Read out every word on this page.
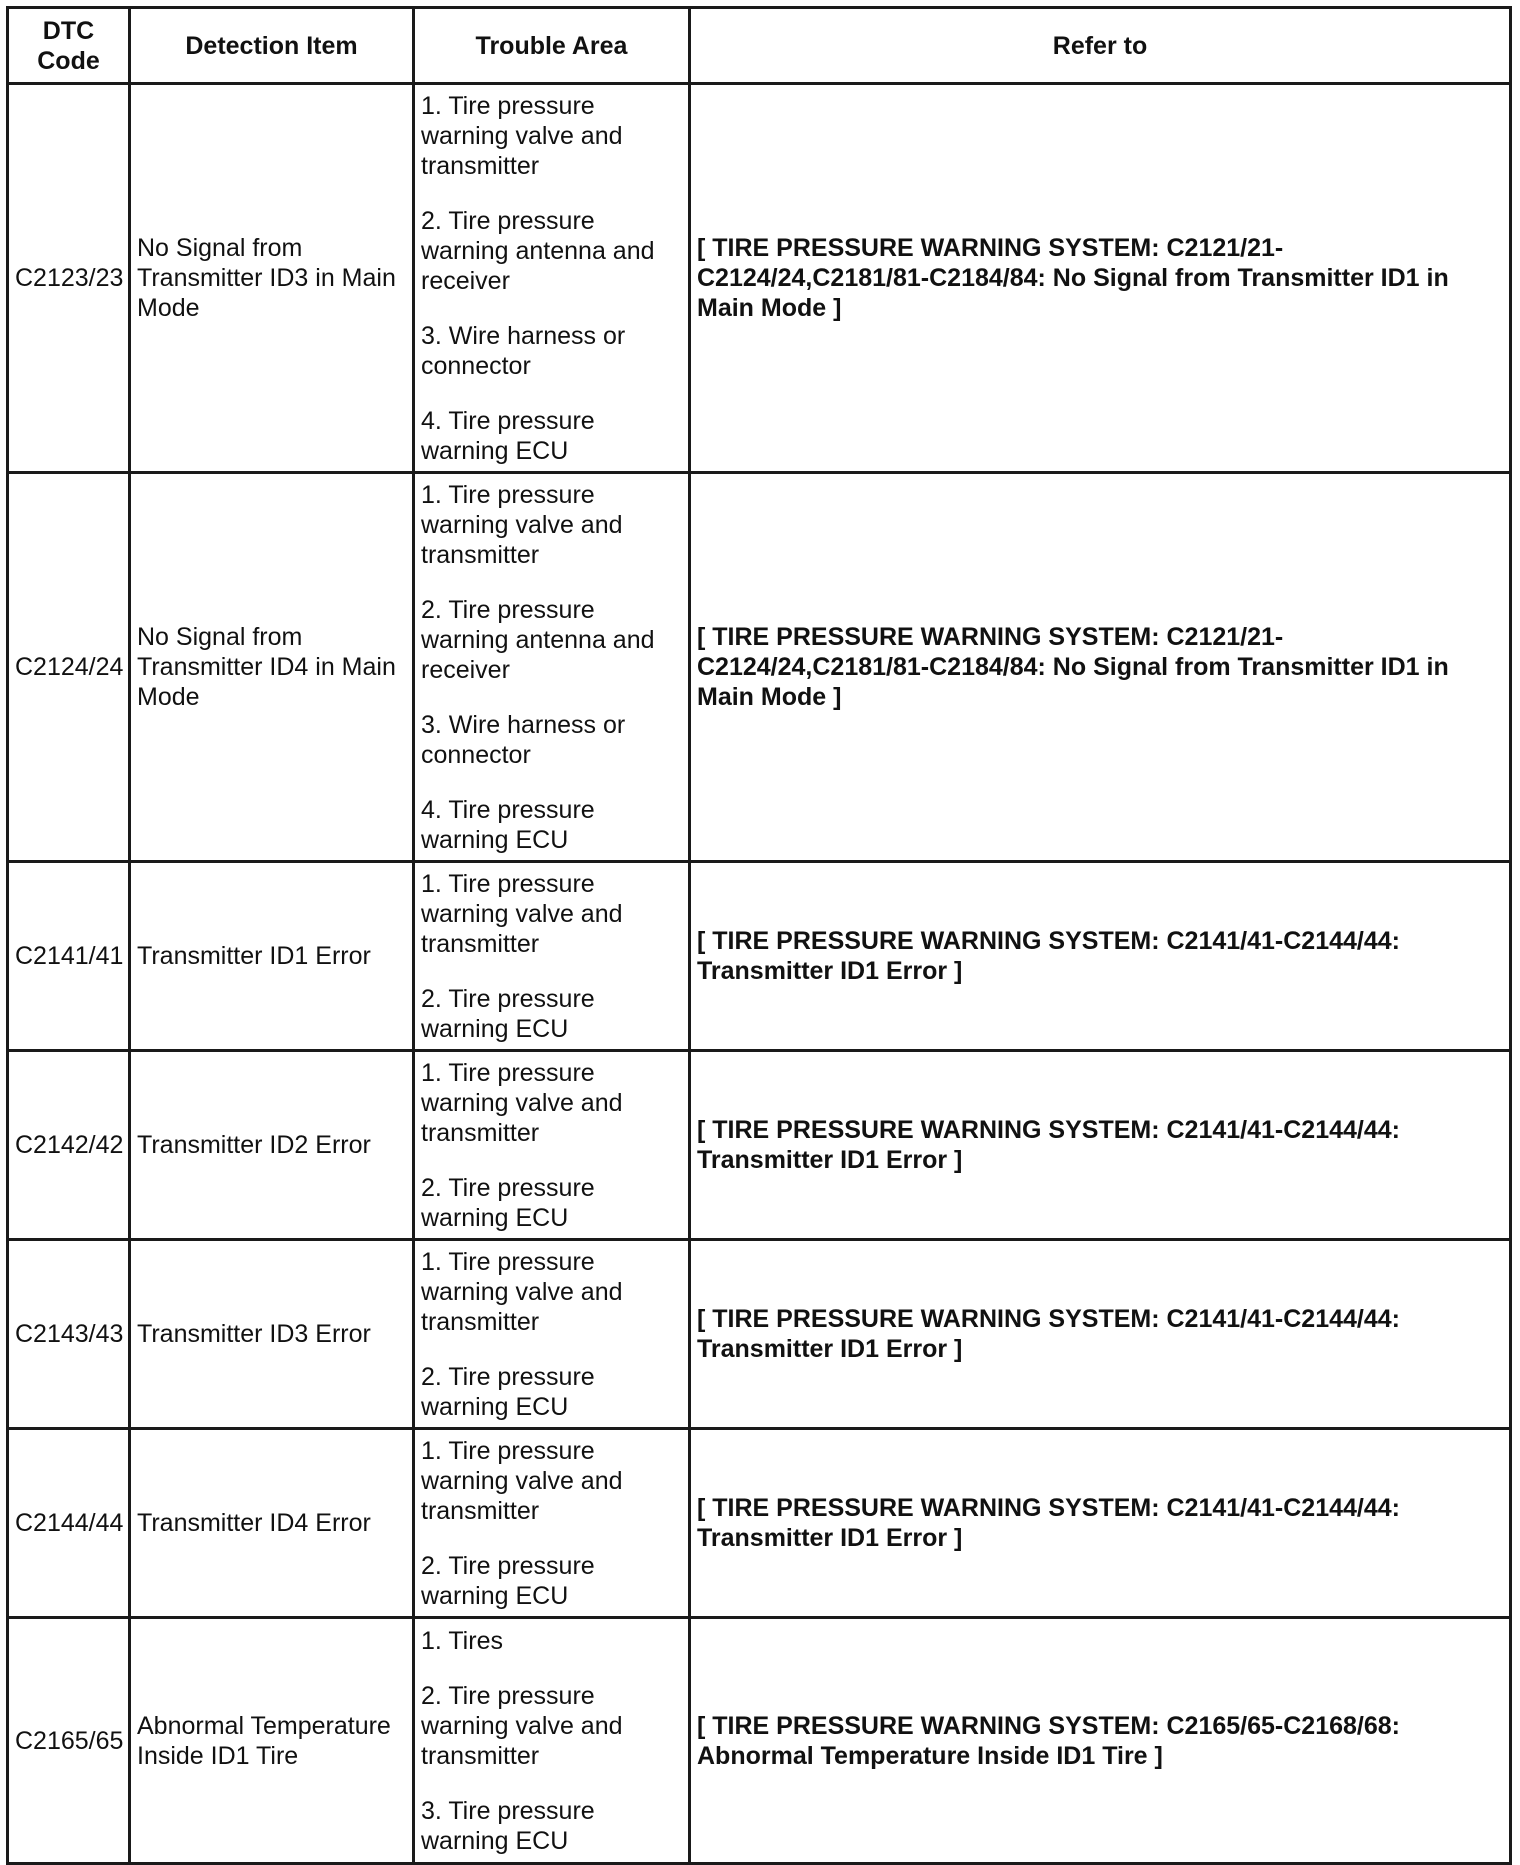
DTC
Code	Detection Item	Trouble Area	Refer to
C2123/23	No Signal from Transmitter ID3 in Main Mode	1. Tire pressure warning valve and transmitter
2. Tire pressure warning antenna and receiver
3. Wire harness or connector
4. Tire pressure warning ECU	[ TIRE PRESSURE WARNING SYSTEM: C2121/21-C2124/24,C2181/81-C2184/84: No Signal from Transmitter ID1 in Main Mode ]
C2124/24	No Signal from Transmitter ID4 in Main Mode	1. Tire pressure warning valve and transmitter
2. Tire pressure warning antenna and receiver
3. Wire harness or connector
4. Tire pressure warning ECU	[ TIRE PRESSURE WARNING SYSTEM: C2121/21-C2124/24,C2181/81-C2184/84: No Signal from Transmitter ID1 in Main Mode ]
C2141/41	Transmitter ID1 Error	1. Tire pressure warning valve and transmitter
2. Tire pressure warning ECU	[ TIRE PRESSURE WARNING SYSTEM: C2141/41-C2144/44: Transmitter ID1 Error ]
C2142/42	Transmitter ID2 Error	1. Tire pressure warning valve and transmitter
2. Tire pressure warning ECU	[ TIRE PRESSURE WARNING SYSTEM: C2141/41-C2144/44: Transmitter ID1 Error ]
C2143/43	Transmitter ID3 Error	1. Tire pressure warning valve and transmitter
2. Tire pressure warning ECU	[ TIRE PRESSURE WARNING SYSTEM: C2141/41-C2144/44: Transmitter ID1 Error ]
C2144/44	Transmitter ID4 Error	1. Tire pressure warning valve and transmitter
2. Tire pressure warning ECU	[ TIRE PRESSURE WARNING SYSTEM: C2141/41-C2144/44: Transmitter ID1 Error ]
C2165/65	Abnormal Temperature Inside ID1 Tire	1. Tires
2. Tire pressure warning valve and transmitter
3. Tire pressure warning ECU	[ TIRE PRESSURE WARNING SYSTEM: C2165/65-C2168/68: Abnormal Temperature Inside ID1 Tire ]
